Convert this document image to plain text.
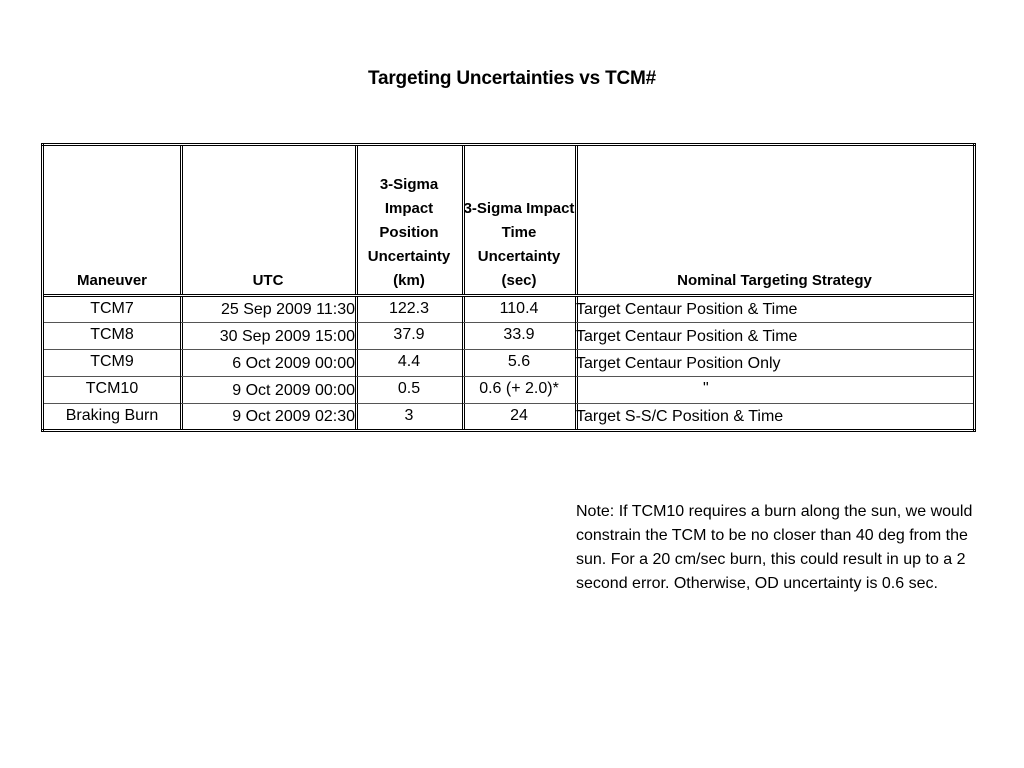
Targeting Uncertainties vs TCM#
Maneuver	UTC	3-Sigma Impact Position Uncertainty (km)	3-Sigma Impact Time Uncertainty (sec)	Nominal Targeting Strategy
TCM7	25 Sep 2009 11:30	122.3	110.4	Target Centaur Position & Time
TCM8	30 Sep 2009 15:00	37.9	33.9	Target Centaur Position & Time
TCM9	6 Oct 2009 00:00	4.4	5.6	Target Centaur Position Only
TCM10	9 Oct 2009 00:00	0.5	0.6 (+ 2.0)*	"
Braking Burn	9 Oct 2009 02:30	3	24	Target S-S/C Position & Time
Note: If TCM10 requires a burn along the sun, we would constrain the TCM to be no closer than 40 deg from the sun. For a 20 cm/sec burn, this could result in up to a 2 second error. Otherwise, OD uncertainty is 0.6 sec.
